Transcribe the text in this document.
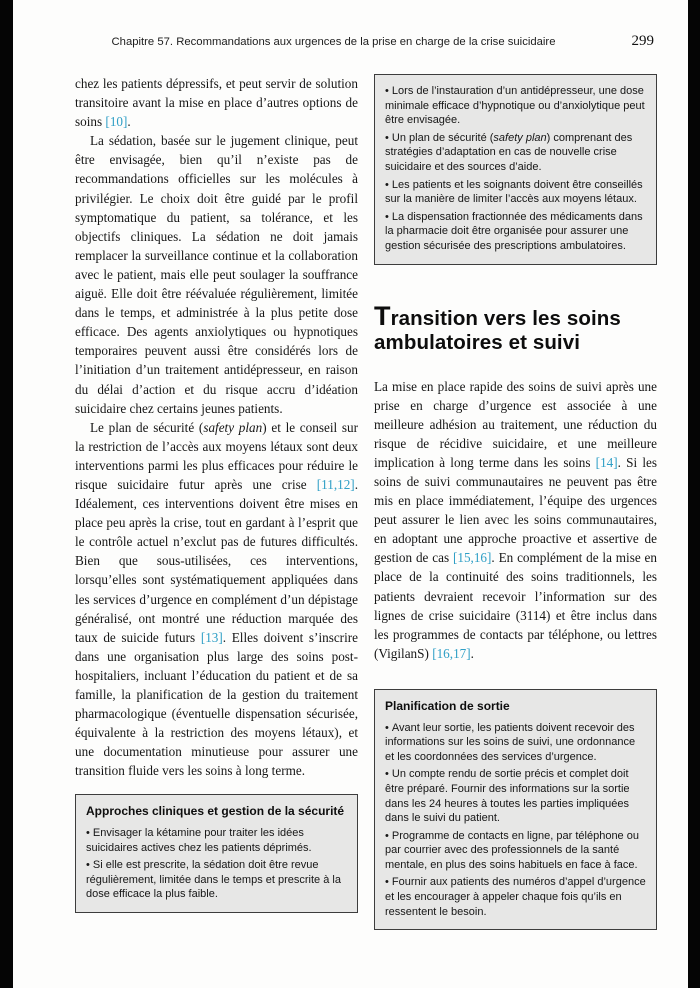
Chapitre 57. Recommandations aux urgences de la prise en charge de la crise suicidaire	299

chez les patients dépressifs, et peut servir de solution transitoire avant la mise en place d’autres options de soins [10].

La sédation, basée sur le jugement clinique, peut être envisagée, bien qu’il n’existe pas de recommandations officielles sur les molécules à privilégier. Le choix doit être guidé par le profil symptomatique du patient, sa tolérance, et les objectifs cliniques. La sédation ne doit jamais remplacer la surveillance continue et la collaboration avec le patient, mais elle peut soulager la souffrance aiguë. Elle doit être réévaluée régulièrement, limitée dans le temps, et administrée à la plus petite dose efficace. Des agents anxiolytiques ou hypnotiques temporaires peuvent aussi être considérés lors de l’initiation d’un traitement antidépresseur, en raison du délai d’action et du risque accru d’idéation suicidaire chez certains jeunes patients.

Le plan de sécurité (safety plan) et le conseil sur la restriction de l’accès aux moyens létaux sont deux interventions parmi les plus efficaces pour réduire le risque suicidaire futur après une crise [11,12]. Idéalement, ces interventions doivent être mises en place peu après la crise, tout en gardant à l’esprit que le contrôle actuel n’exclut pas de futures difficultés. Bien que sous-utilisées, ces interventions, lorsqu’elles sont systématiquement appliquées dans les services d’urgence en complément d’un dépistage généralisé, ont montré une réduction marquée des taux de suicide futurs [13]. Elles doivent s’inscrire dans une organisation plus large des soins post-hospitaliers, incluant l’éducation du patient et de sa famille, la planification de la gestion du traitement pharmacologique (éventuelle dispensation sécurisée, équivalente à la restriction des moyens létaux), et une documentation minutieuse pour assurer une transition fluide vers les soins à long terme.

Approches cliniques et gestion de la sécurité
• Envisager la kétamine pour traiter les idées suicidaires actives chez les patients déprimés.
• Si elle est prescrite, la sédation doit être revue régulièrement, limitée dans le temps et prescrite à la dose efficace la plus faible.
• Lors de l’instauration d’un antidépresseur, une dose minimale efficace d’hypnotique ou d’anxiolytique peut être envisagée.
• Un plan de sécurité (safety plan) comprenant des stratégies d’adaptation en cas de nouvelle crise suicidaire et des sources d’aide.
• Les patients et les soignants doivent être conseillés sur la manière de limiter l’accès aux moyens létaux.
• La dispensation fractionnée des médicaments dans la pharmacie doit être organisée pour assurer une gestion sécurisée des prescriptions ambulatoires.
Transition vers les soins ambulatoires et suivi

La mise en place rapide des soins de suivi après une prise en charge d’urgence est associée à une meilleure adhésion au traitement, une réduction du risque de récidive suicidaire, et une meilleure implication à long terme dans les soins [14]. Si les soins de suivi communautaires ne peuvent pas être mis en place immédiatement, l’équipe des urgences peut assurer le lien avec les soins communautaires, en adoptant une approche proactive et assertive de gestion de cas [15,16]. En complément de la mise en place de la continuité des soins traditionnels, les patients devraient recevoir l’information sur des lignes de crise suicidaire (3114) et être inclus dans les programmes de contacts par téléphone, ou lettres (VigilanS) [16,17].

Planification de sortie
• Avant leur sortie, les patients doivent recevoir des informations sur les soins de suivi, une ordonnance et les coordonnées des services d’urgence.
• Un compte rendu de sortie précis et complet doit être préparé. Fournir des informations sur la sortie dans les 24 heures à toutes les parties impliquées dans le suivi du patient.
• Programme de contacts en ligne, par téléphone ou par courrier avec des professionnels de la santé mentale, en plus des soins habituels en face à face.
• Fournir aux patients des numéros d’appel d’urgence et les encourager à appeler chaque fois qu’ils en ressentent le besoin.
